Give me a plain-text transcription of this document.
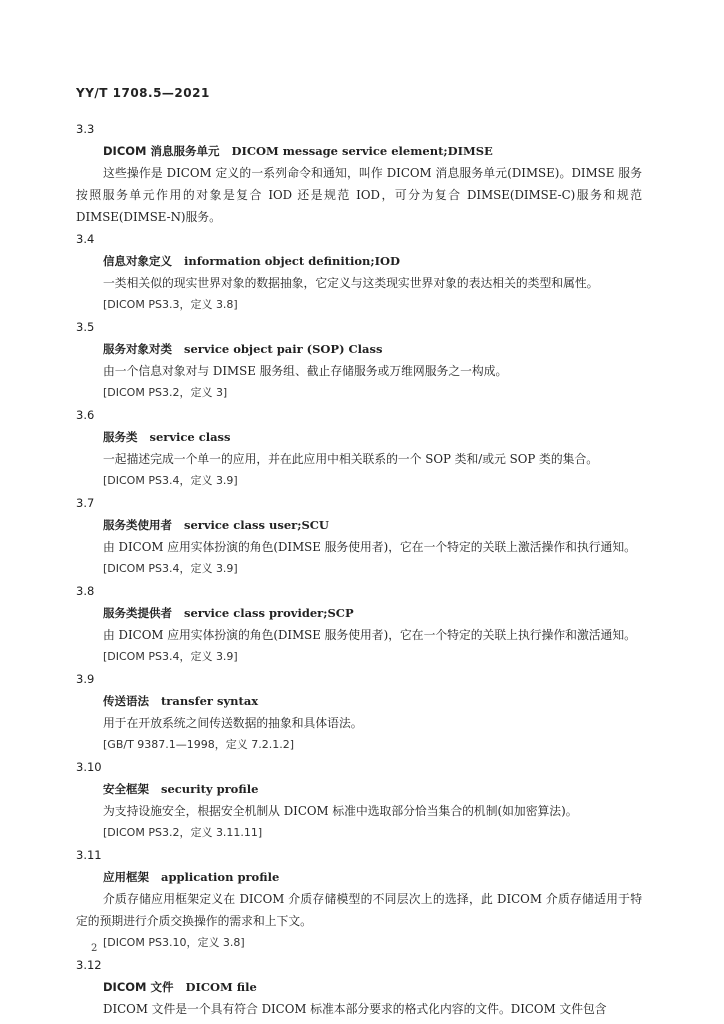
YY/T 1708.5—2021
3.3
DICOM 消息服务单元 DICOM message service element;DIMSE

这些操作是 DICOM 定义的一系列命令和通知，叫作 DICOM 消息服务单元(DIMSE)。DIMSE 服务按照服务单元作用的对象是复合 IOD 还是规范 IOD，可分为复合 DIMSE(DIMSE-C)服务和规范 DIMSE(DIMSE-N)服务。

3.4
信息对象定义 information object definition;IOD

一类相关似的现实世界对象的数据抽象，它定义与这类现实世界对象的表达相关的类型和属性。

[DICOM PS3.3，定义 3.8]
3.5
服务对象对类 service object pair (SOP) Class

由一个信息对象对与 DIMSE 服务组、截止存储服务或万维网服务之一构成。

[DICOM PS3.2，定义 3]
3.6
服务类 service class

一起描述完成一个单一的应用，并在此应用中相关联系的一个 SOP 类和/或元 SOP 类的集合。

[DICOM PS3.4，定义 3.9]
3.7
服务类使用者 service class user;SCU

由 DICOM 应用实体扮演的角色(DIMSE 服务使用者)，它在一个特定的关联上激活操作和执行通知。

[DICOM PS3.4，定义 3.9]
3.8
服务类提供者 service class provider;SCP

由 DICOM 应用实体扮演的角色(DIMSE 服务使用者)，它在一个特定的关联上执行操作和激活通知。

[DICOM PS3.4，定义 3.9]
3.9
传送语法 transfer syntax

用于在开放系统之间传送数据的抽象和具体语法。

[GB/T 9387.1—1998，定义 7.2.1.2]
3.10
安全框架 security profile

为支持设施安全，根据安全机制从 DICOM 标准中选取部分恰当集合的机制(如加密算法)。

[DICOM PS3.2，定义 3.11.11]
3.11
应用框架 application profile

介质存储应用框架定义在 DICOM 介质存储模型的不同层次上的选择，此 DICOM 介质存储适用于特定的预期进行介质交换操作的需求和上下文。

[DICOM PS3.10，定义 3.8]
3.12
DICOM 文件 DICOM file

DICOM 文件是一个具有符合 DICOM 标准本部分要求的格式化内容的文件。DICOM 文件包含

2
